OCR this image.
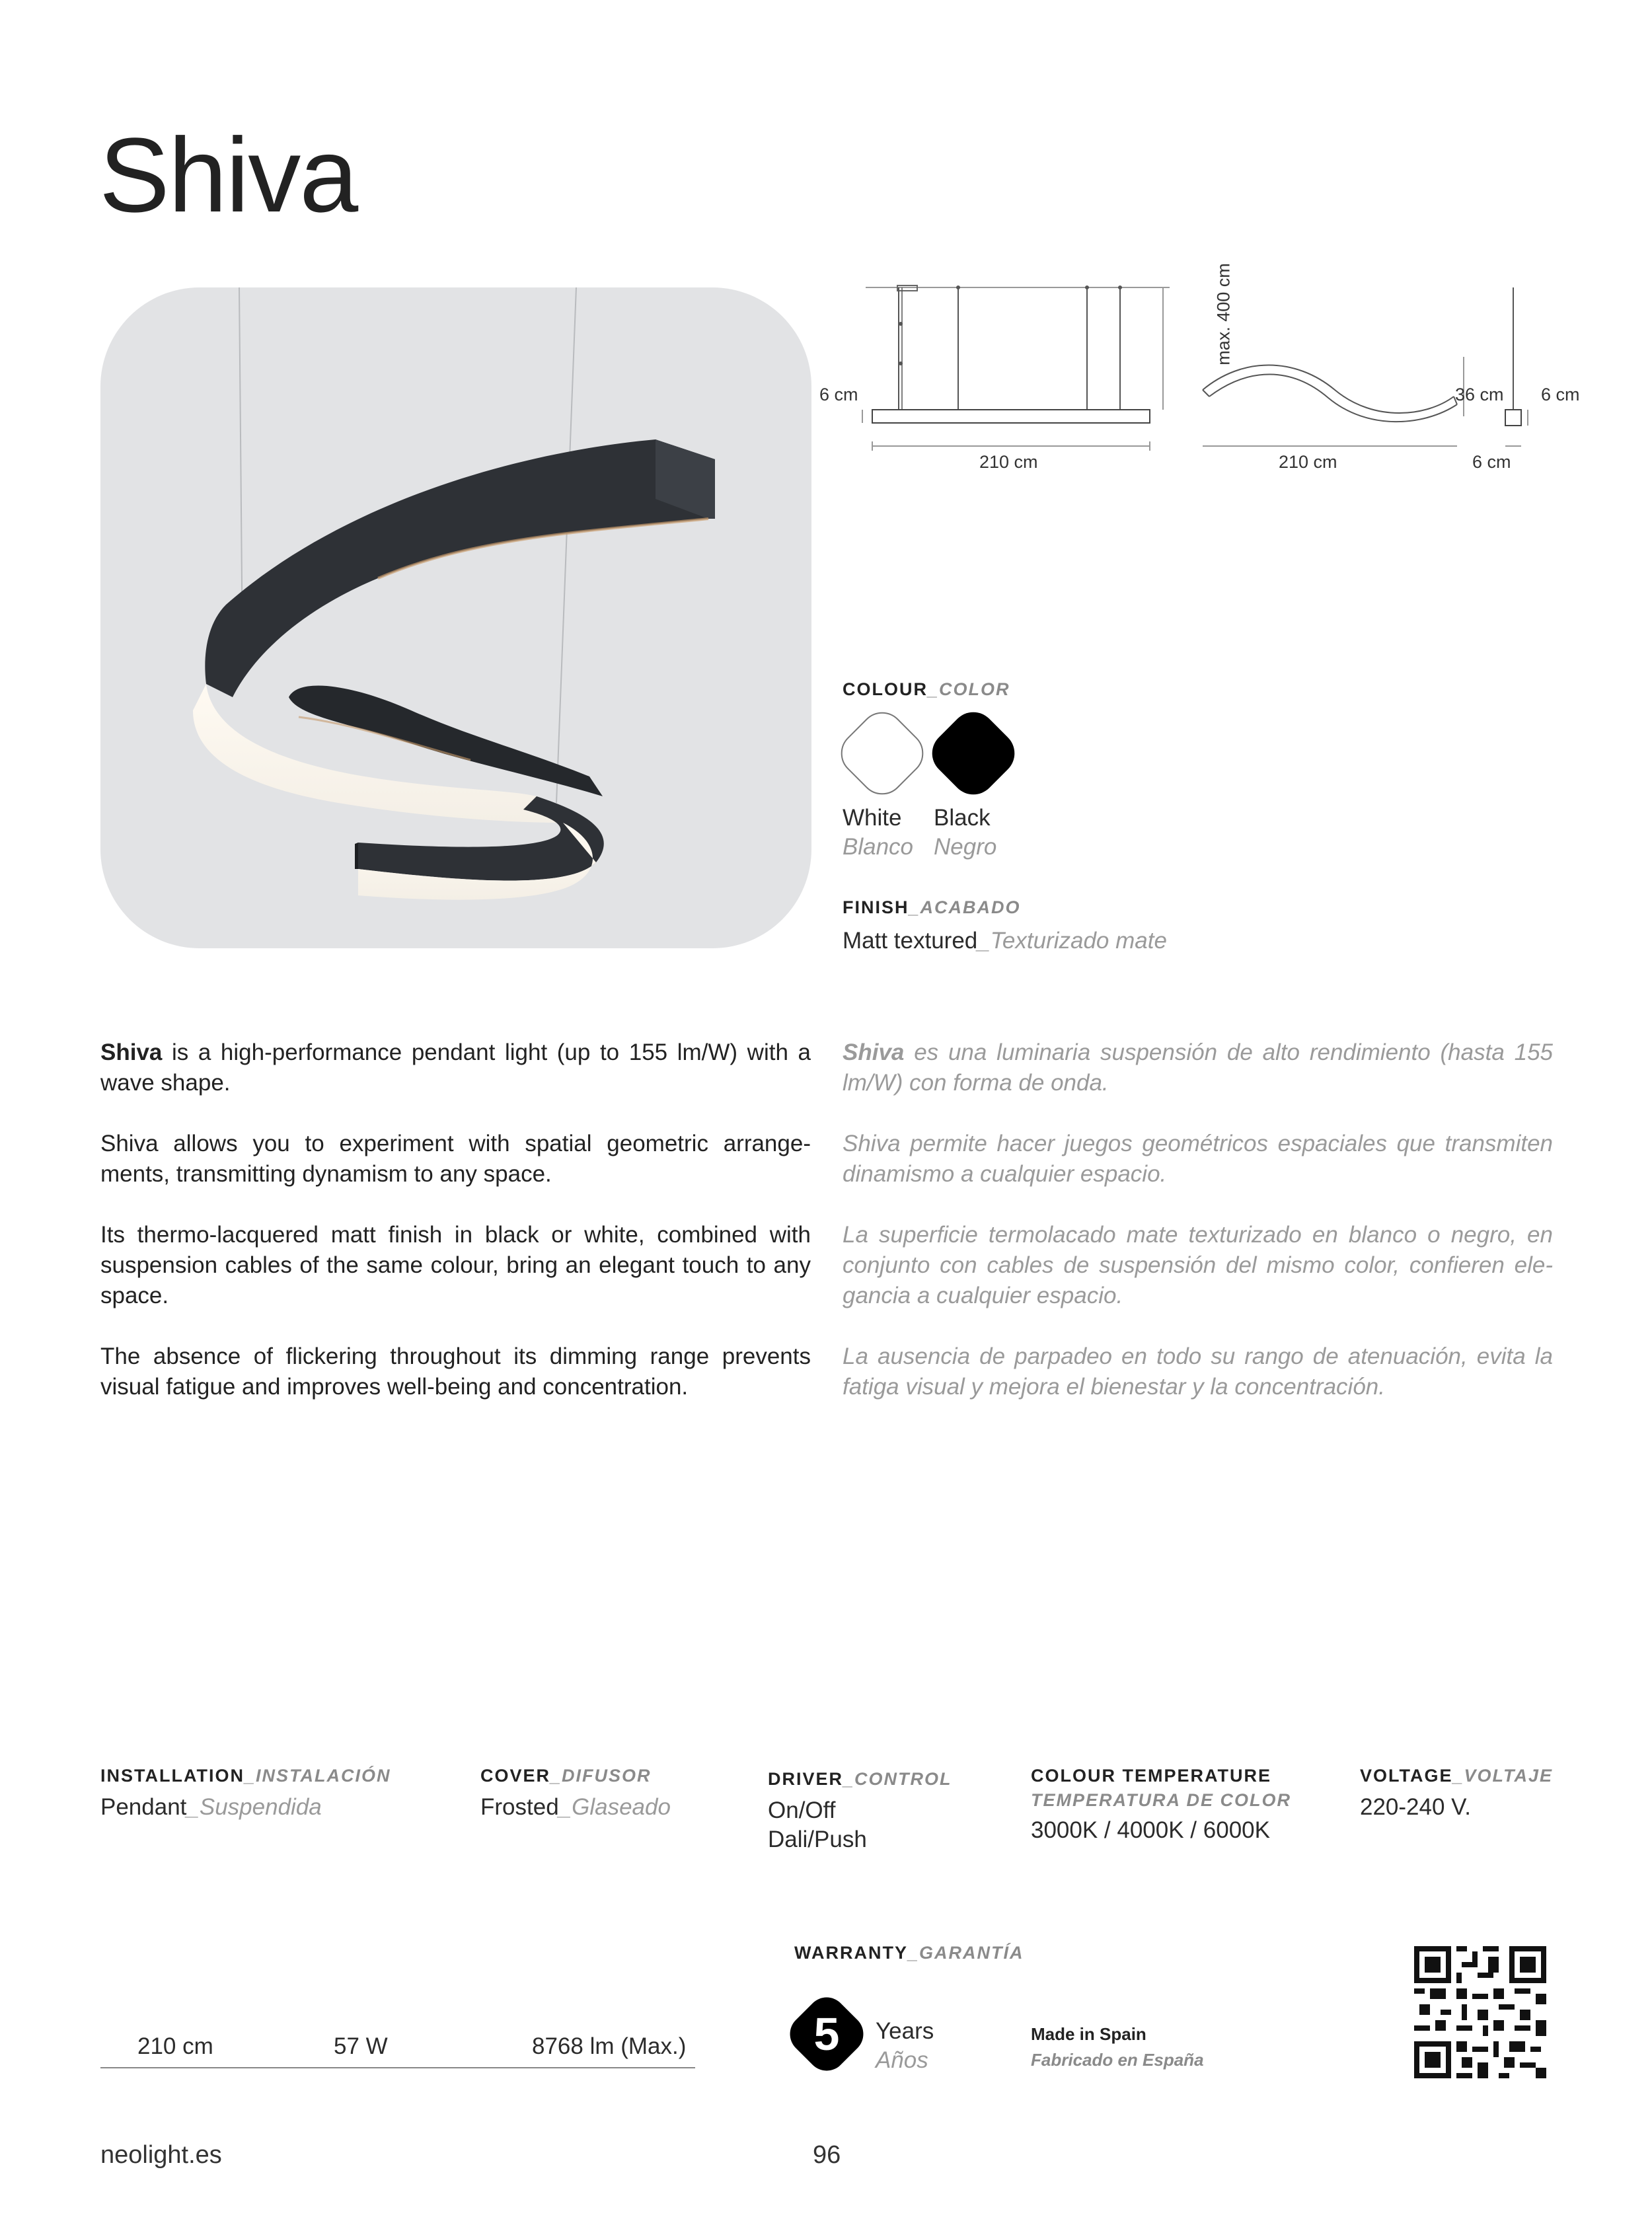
Shiva
6 cm
210 cm
max. 400 cm
210 cm
36 cm 6 cm
6 cm
COLOUR_COLOR
White
Blanco
Black
Negro
FINISH_ACABADO
Matt textured_Texturizado mate

Shiva is a high-performance pendant light (up to 155 lm/W) with a wave shape.

Shiva allows you to experiment with spatial geometric arrange-ments, transmitting dynamism to any space.

Its thermo-lacquered matt finish in black or white, combined with suspension cables of the same colour, bring an elegant touch to any space.

The absence of flickering throughout its dimming range prevents visual fatigue and improves well-being and concentration.

Shiva es una luminaria suspensión de alto rendimiento (hasta 155 lm/W) con forma de onda.

Shiva permite hacer juegos geométricos espaciales que transmiten dinamismo a cualquier espacio.

La superficie termolacado mate texturizado en blanco o negro, en conjunto con cables de suspensión del mismo color, confieren ele-gancia a cualquier espacio.

La ausencia de parpadeo en todo su rango de atenuación, evita la fatiga visual y mejora el bienestar y la concentración.

INSTALLATION_INSTALACIÓN
Pendant_Suspendida
COVER_DIFUSOR
Frosted_Glaseado
DRIVER_CONTROL
On/Off
Dali/Push
COLOUR TEMPERATURE
TEMPERATURA DE COLOR
3000K / 4000K / 6000K
VOLTAGE_VOLTAJE
220-240 V.
210 cm	57 W	8768 lm (Max.)
WARRANTY_GARANTÍA
5	Years
Años
Made in Spain
Fabricado en España
neolight.es	96
